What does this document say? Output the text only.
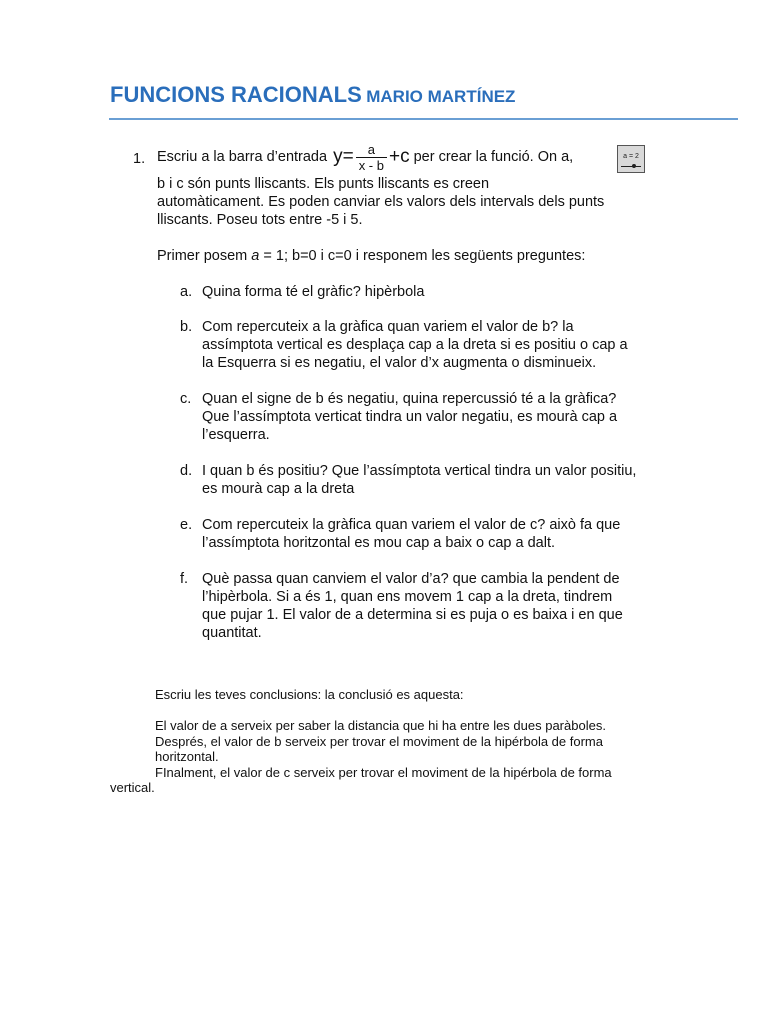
FUNCIONS RACIONALS MARIO MARTÍNEZ
1. Escriu a la barra d’entrada $y= \frac{a}{x - b} +c$ per crear la funció. On a,	a = 2
b i c són punts lliscants. Els punts lliscants es creen
automàticament. Es poden canviar els valors dels intervals dels punts
lliscants. Poseu tots entre -5 i 5.
Primer posem a = 1; b=0 i c=0 i responem les següents preguntes:
a. Quina forma té el gràfic? hipèrbola
b. Com repercuteix a la gràfica quan variem el valor de b? la
assímptota vertical es desplaça cap a la dreta si es positiu o cap a
la Esquerra si es negatiu, el valor d’x augmenta o disminueix.
c. Quan el signe de b és negatiu, quina repercussió té a la gràfica?
Que l’assímptota verticat tindra un valor negatiu, es mourà cap a
l’esquerra.
d. I quan b és positiu? Que l’assímptota vertical tindra un valor positiu,
es mourà cap a la dreta
e. Com repercuteix la gràfica quan variem el valor de c? això fa que
l’assímptota horitzontal es mou cap a baix o cap a dalt.
f. Què passa quan canviem el valor d’a? que cambia la pendent de
l’hipèrbola. Si a és 1, quan ens movem 1 cap a la dreta, tindrem
que pujar 1. El valor de a determina si es puja o es baixa i en que
quantitat.
Escriu les teves conclusions: la conclusió es aquesta:
El valor de a serveix per saber la distancia que hi ha entre les dues paràboles.
Després, el valor de b serveix per trovar el moviment de la hipérbola de forma
horitzontal.
FInalment, el valor de c serveix per trovar el moviment de la hipérbola de forma
vertical.
